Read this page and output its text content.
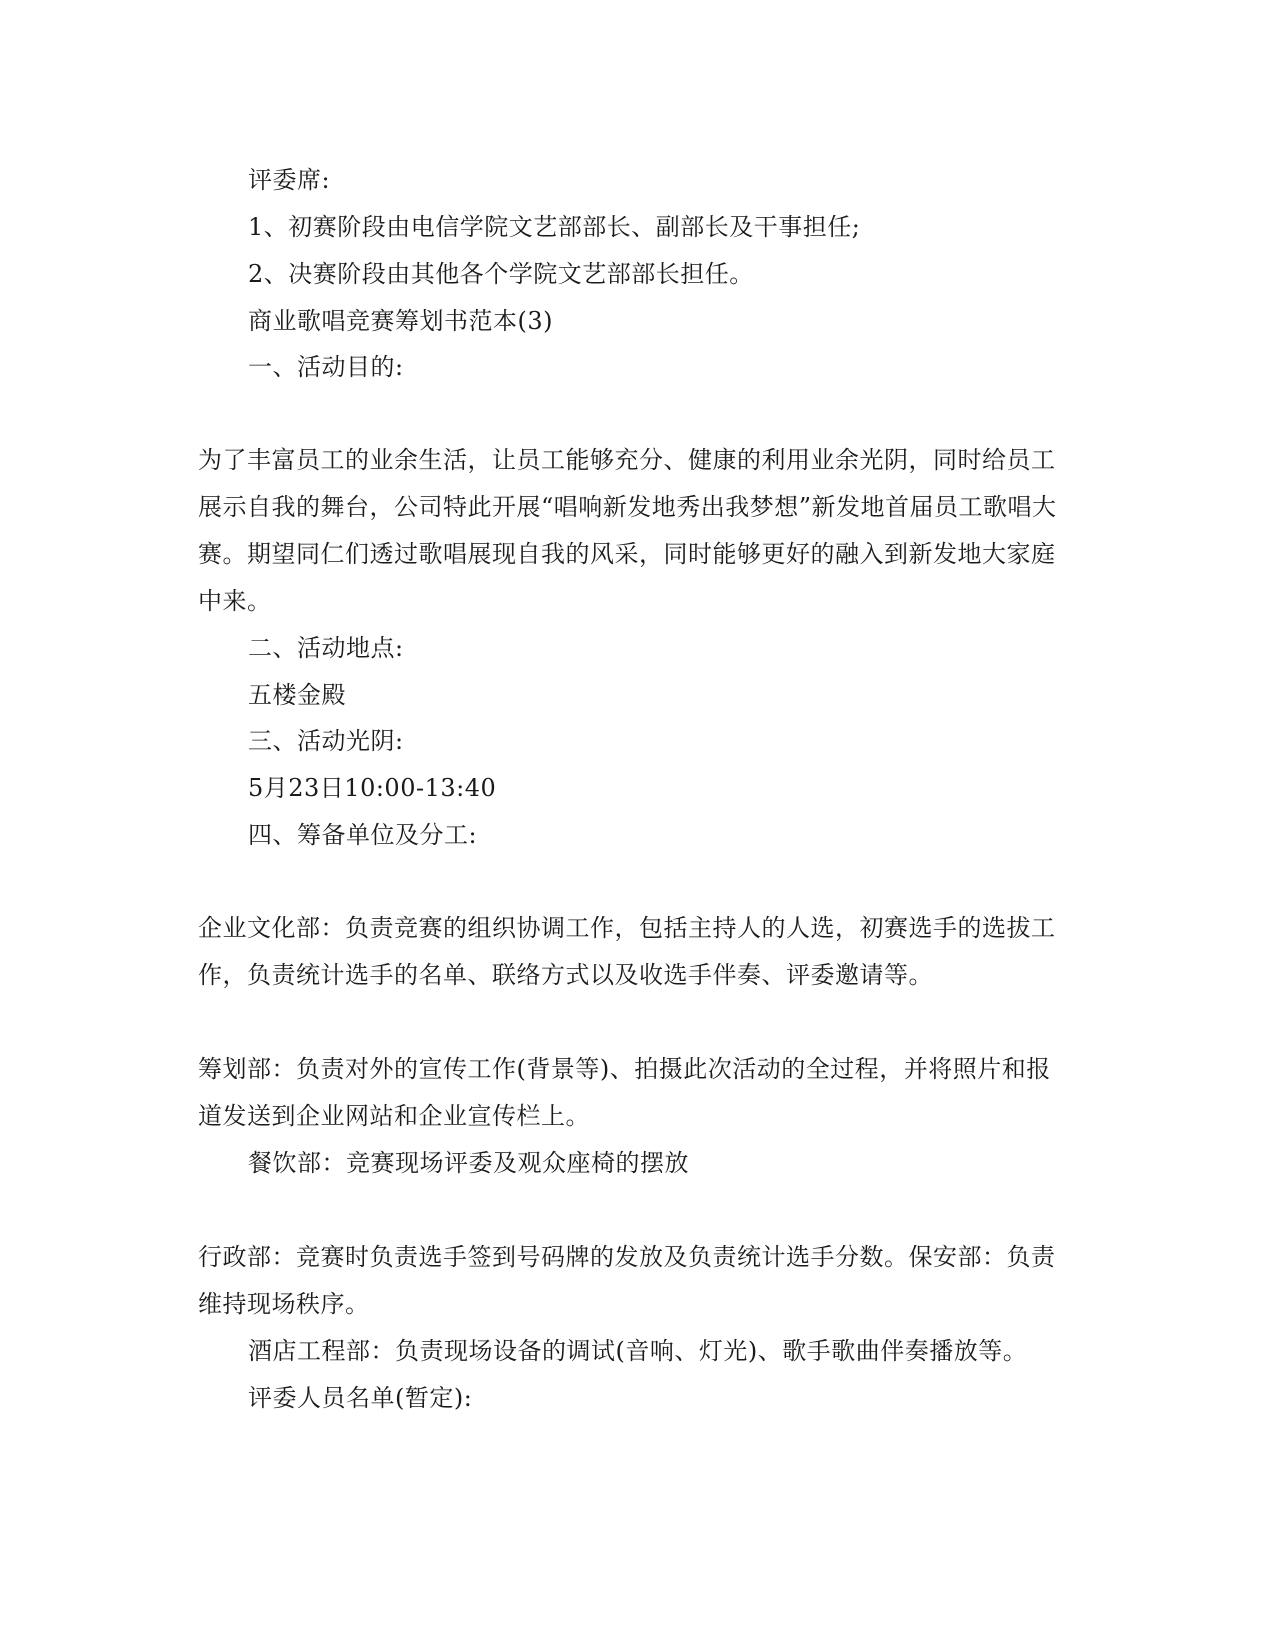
评委席:
1、初赛阶段由电信学院文艺部部长、副部长及干事担任;
2、决赛阶段由其他各个学院文艺部部长担任。
商业歌唱竞赛筹划书范本(3)
一、活动目的:
为了丰富员工的业余生活，让员工能够充分、健康的利用业余光阴，同时给员工
展示自我的舞台，公司特此开展“唱响新发地秀出我梦想”新发地首届员工歌唱大
赛。期望同仁们透过歌唱展现自我的风采，同时能够更好的融入到新发地大家庭
中来。
二、活动地点:
五楼金殿
三、活动光阴:
5月23日10:00-13:40
四、筹备单位及分工:
企业文化部：负责竞赛的组织协调工作，包括主持人的人选，初赛选手的选拔工
作，负责统计选手的名单、联络方式以及收选手伴奏、评委邀请等。
筹划部：负责对外的宣传工作(背景等)、拍摄此次活动的全过程，并将照片和报
道发送到企业网站和企业宣传栏上。
餐饮部：竞赛现场评委及观众座椅的摆放
行政部：竞赛时负责选手签到号码牌的发放及负责统计选手分数。保安部：负责
维持现场秩序。
酒店工程部：负责现场设备的调试(音响、灯光)、歌手歌曲伴奏播放等。
评委人员名单(暂定):
